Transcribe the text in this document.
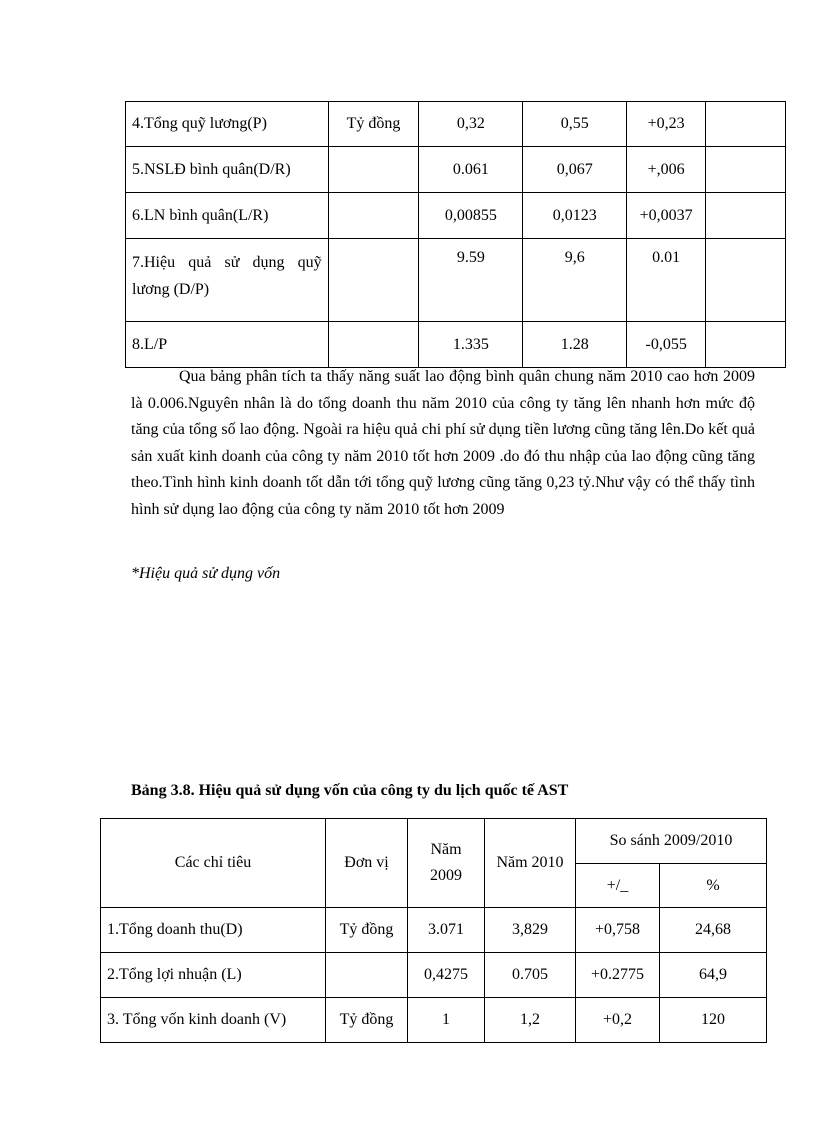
4.Tổng quỹ lương(P)	Tỷ đồng	0,32	0,55	+0,23	
5.NSLĐ bình quân(D/R)		0.061	0,067	+,006	
6.LN bình quân(L/R)		0,00855	0,0123	+0,0037	
7.Hiệu quả sử dụng quỹ lương (D/P)		9.59	9,6	0.01	
8.L/P		1.335	1.28	-0,055	

Qua bảng phân tích ta thấy năng suất lao động bình quân chung năm 2010 cao hơn 2009 là 0.006.Nguyên nhân là do tổng doanh thu năm 2010 của công ty tăng lên nhanh hơn mức độ tăng của tổng số lao động. Ngoài ra hiệu quả chi phí sử dụng tiền lương cũng tăng lên.Do kết quả sản xuất kinh doanh của công ty năm 2010 tốt hơn 2009 .do đó thu nhập của lao động cũng tăng theo.Tình hình kinh doanh tốt dẫn tới tổng quỹ lương cũng tăng 0,23 tỷ.Như vậy có thể thấy tình hình sử dụng lao động của công ty năm 2010 tốt hơn 2009

*Hiệu quả sử dụng vốn

Bảng 3.8. Hiệu quả sử dụng vốn của công ty du lịch quốc tế AST

Các chỉ tiêu	Đơn vị	Năm 2009	Năm 2010	So sánh 2009/2010	
				+/_	%
1.Tổng doanh thu(D)	Tỷ đồng	3.071	3,829	+0,758	24,68
2.Tổng lợi nhuận (L)		0,4275	0.705	+0.2775	64,9
3. Tổng vốn kinh doanh (V)	Tỷ đồng	1	1,2	+0,2	120
